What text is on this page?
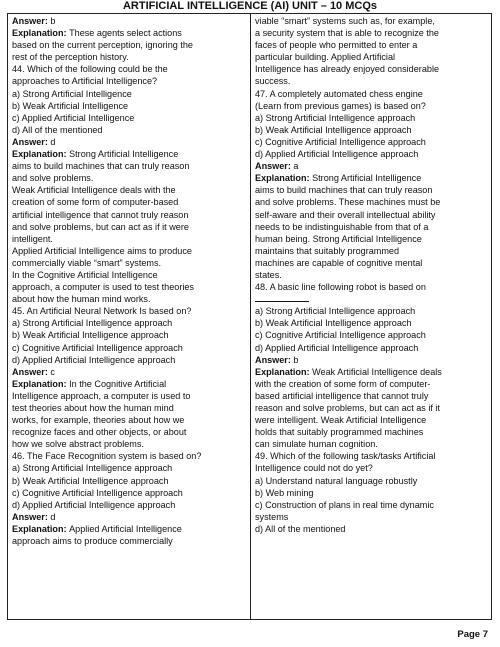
ARTIFICIAL INTELLIGENCE (AI) UNIT – 10 MCQs
Answer: b
Explanation: These agents select actions
based on the current perception, ignoring the
rest of the perception history.
44. Which of the following could be the
approaches to Artificial Intelligence?
a) Strong Artificial Intelligence
b) Weak Artificial Intelligence
c) Applied Artificial Intelligence
d) All of the mentioned
Answer: d
Explanation: Strong Artificial Intelligence
aims to build machines that can truly reason
and solve problems.
Weak Artificial Intelligence deals with the
creation of some form of computer-based
artificial intelligence that cannot truly reason
and solve problems, but can act as if it were
intelligent.
Applied Artificial Intelligence aims to produce
commercially viable “smart” systems.
In the Cognitive Artificial Intelligence
approach, a computer is used to test theories
about how the human mind works.
45. An Artificial Neural Network Is based on?
a) Strong Artificial Intelligence approach
b) Weak Artificial Intelligence approach
c) Cognitive Artificial Intelligence approach
d) Applied Artificial Intelligence approach
Answer: c
Explanation: In the Cognitive Artificial
Intelligence approach, a computer is used to
test theories about how the human mind
works, for example, theories about how we
recognize faces and other objects, or about
how we solve abstract problems.
46. The Face Recognition system is based on?
a) Strong Artificial Intelligence approach
b) Weak Artificial Intelligence approach
c) Cognitive Artificial Intelligence approach
d) Applied Artificial Intelligence approach
Answer: d
Explanation: Applied Artificial Intelligence
approach aims to produce commercially
viable “smart” systems such as, for example,
a security system that is able to recognize the
faces of people who permitted to enter a
particular building. Applied Artificial
Intelligence has already enjoyed considerable
success.
47. A completely automated chess engine
(Learn from previous games) is based on?
a) Strong Artificial Intelligence approach
b) Weak Artificial Intelligence approach
c) Cognitive Artificial Intelligence approach
d) Applied Artificial Intelligence approach
Answer: a
Explanation: Strong Artificial Intelligence
aims to build machines that can truly reason
and solve problems. These machines must be
self-aware and their overall intellectual ability
needs to be indistinguishable from that of a
human being. Strong Artificial Intelligence
maintains that suitably programmed
machines are capable of cognitive mental
states.
48. A basic line following robot is based on
a) Strong Artificial Intelligence approach
b) Weak Artificial Intelligence approach
c) Cognitive Artificial Intelligence approach
d) Applied Artificial Intelligence approach
Answer: b
Explanation: Weak Artificial Intelligence deals
with the creation of some form of computer-
based artificial intelligence that cannot truly
reason and solve problems, but can act as if it
were intelligent. Weak Artificial Intelligence
holds that suitably programmed machines
can simulate human cognition.
49. Which of the following task/tasks Artificial
Intelligence could not do yet?
a) Understand natural language robustly
b) Web mining
c) Construction of plans in real time dynamic
systems
d) All of the mentioned
Page 7
